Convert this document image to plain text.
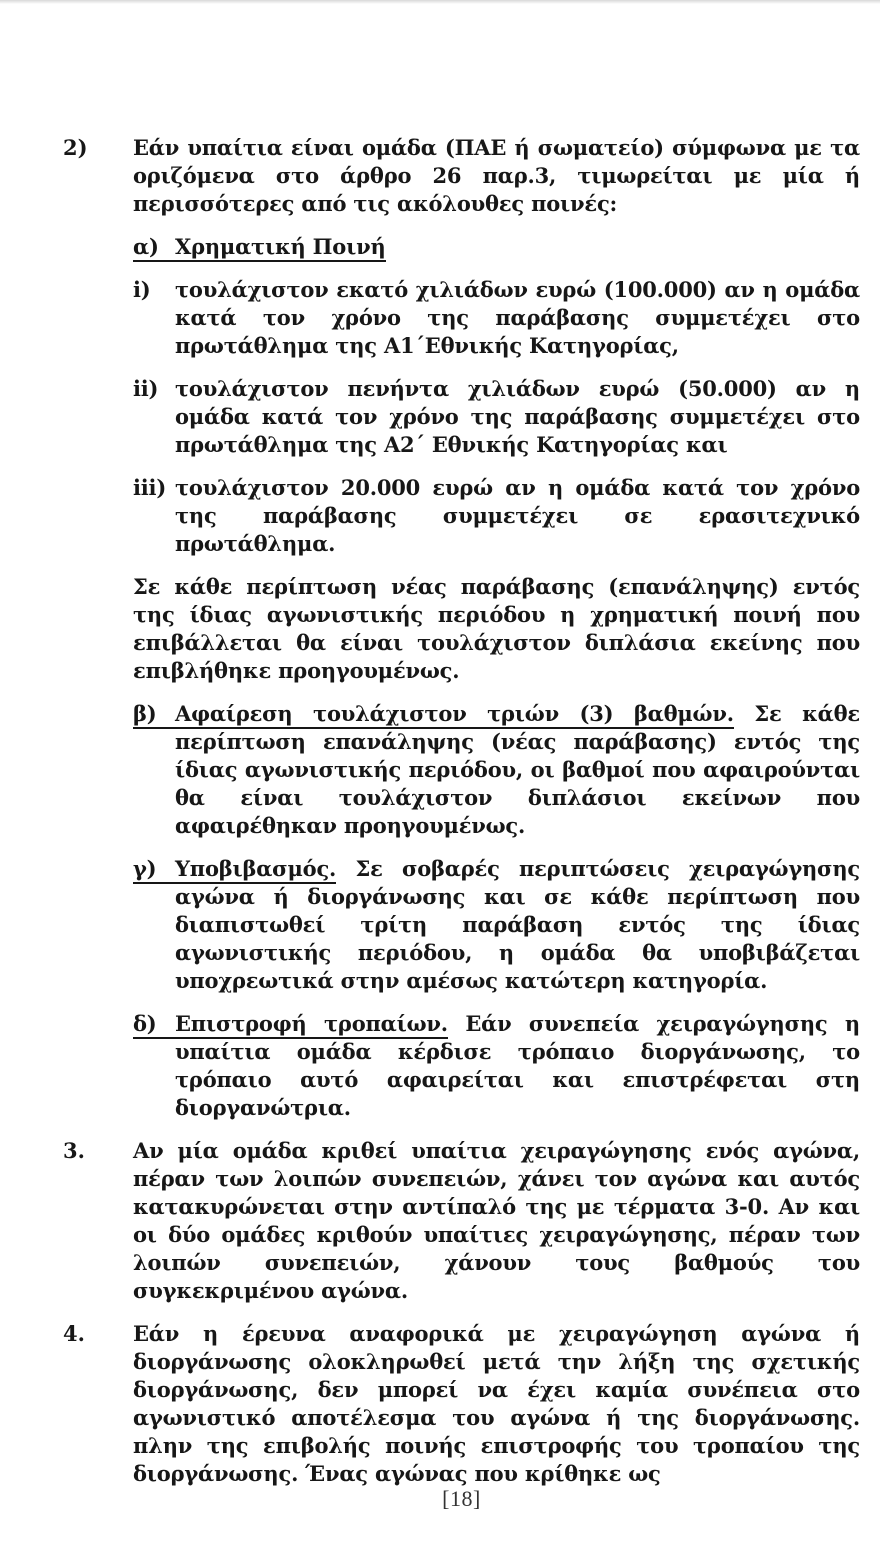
2) Εάν υπαίτια είναι ομάδα (ΠΑΕ ή σωματείο) σύμφωνα με τα οριζόμενα στο άρθρο 26 παρ.3, τιμωρείται με μία ή περισσότερες από τις ακόλουθες ποινές:

α) Χρηματική Ποινή

i) τουλάχιστον εκατό χιλιάδων ευρώ (100.000) αν η ομάδα κατά τον χρόνο της παράβασης συμμετέχει στο πρωτάθλημα της Α1΄Εθνικής Κατηγορίας,

ii) τουλάχιστον πενήντα χιλιάδων ευρώ (50.000) αν η ομάδα κατά τον χρόνο της παράβασης συμμετέχει στο πρωτάθλημα της Α2΄ Εθνικής Κατηγορίας και

iii) τουλάχιστον 20.000 ευρώ αν η ομάδα κατά τον χρόνο της παράβασης συμμετέχει σε ερασιτεχνικό πρωτάθλημα.

Σε κάθε περίπτωση νέας παράβασης (επανάληψης) εντός της ίδιας αγωνιστικής περιόδου η χρηματική ποινή που επιβάλλεται θα είναι τουλάχιστον διπλάσια εκείνης που επιβλήθηκε προηγουμένως.

β) Αφαίρεση τουλάχιστον τριών (3) βαθμών. Σε κάθε περίπτωση επανάληψης (νέας παράβασης) εντός της ίδιας αγωνιστικής περιόδου, οι βαθμοί που αφαιρούνται θα είναι τουλάχιστον διπλάσιοι εκείνων που αφαιρέθηκαν προηγουμένως.

γ) Υποβιβασμός. Σε σοβαρές περιπτώσεις χειραγώγησης αγώνα ή διοργάνωσης και σε κάθε περίπτωση που διαπιστωθεί τρίτη παράβαση εντός της ίδιας αγωνιστικής περιόδου, η ομάδα θα υποβιβάζεται υποχρεωτικά στην αμέσως κατώτερη κατηγορία.

δ) Επιστροφή τροπαίων. Εάν συνεπεία χειραγώγησης η υπαίτια ομάδα κέρδισε τρόπαιο διοργάνωσης, το τρόπαιο αυτό αφαιρείται και επιστρέφεται στη διοργανώτρια.

3. Αν μία ομάδα κριθεί υπαίτια χειραγώγησης ενός αγώνα, πέραν των λοιπών συνεπειών, χάνει τον αγώνα και αυτός κατακυρώνεται στην αντίπαλό της με τέρματα 3-0. Αν και οι δύο ομάδες κριθούν υπαίτιες χειραγώγησης, πέραν των λοιπών συνεπειών, χάνουν τους βαθμούς του συγκεκριμένου αγώνα.

4. Εάν η έρευνα αναφορικά με χειραγώγηση αγώνα ή διοργάνωσης ολοκληρωθεί μετά την λήξη της σχετικής διοργάνωσης, δεν μπορεί να έχει καμία συνέπεια στο αγωνιστικό αποτέλεσμα του αγώνα ή της διοργάνωσης. πλην της επιβολής ποινής επιστροφής του τροπαίου της διοργάνωσης. Ένας αγώνας που κρίθηκε ως

[18]
